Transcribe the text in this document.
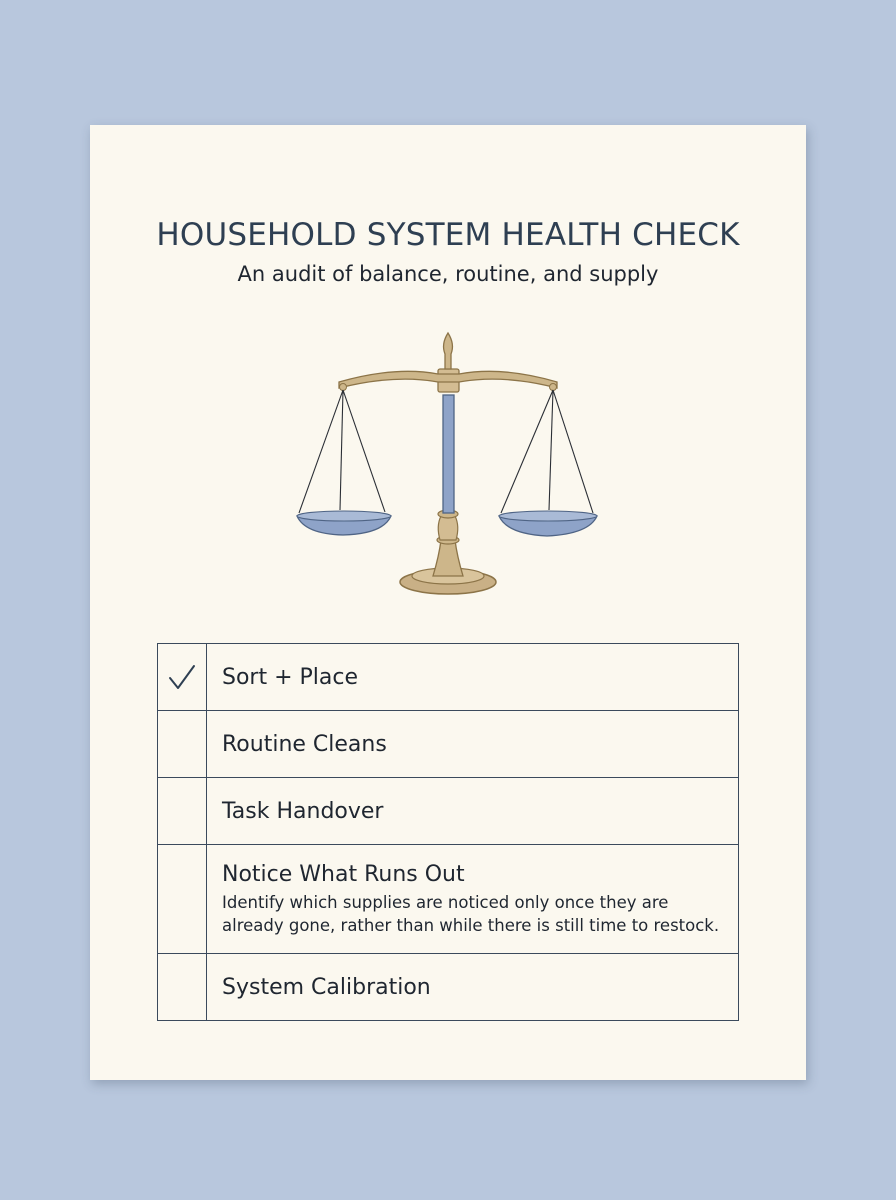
HOUSEHOLD SYSTEM HEALTH CHECK
An audit of balance, routine, and supply
Sort + Place
Routine Cleans
Task Handover
Notice What Runs Out
Identify which supplies are noticed only once they are already gone, rather than while there is still time to restock.
System Calibration
